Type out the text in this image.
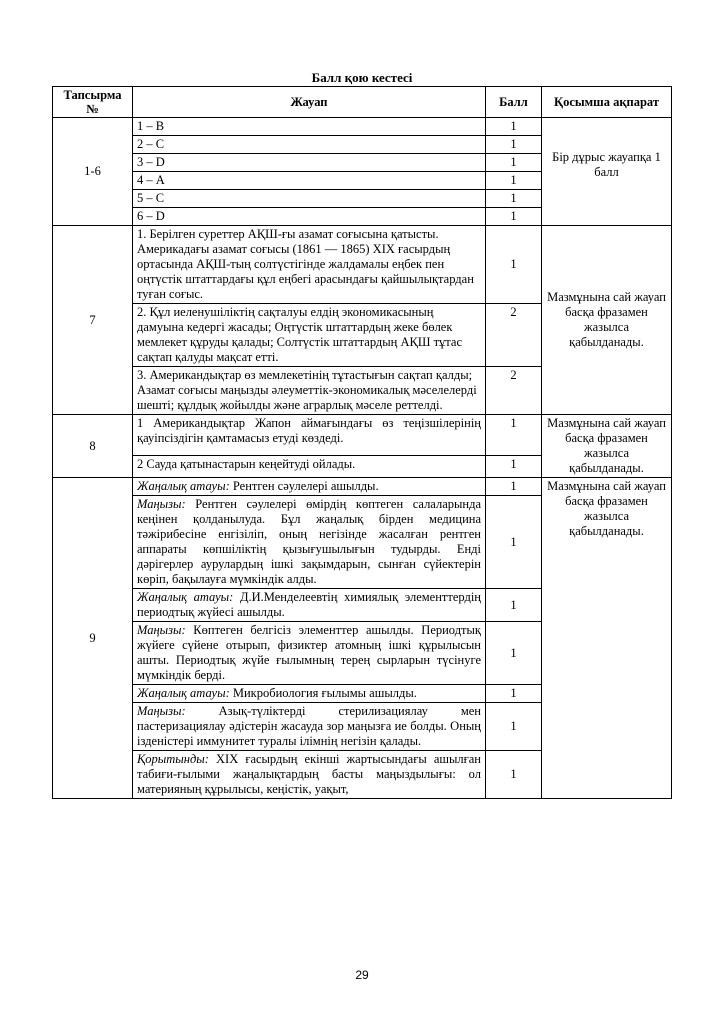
Балл қою кестесі
Тапсырма №	Жауап	Балл	Қосымша ақпарат
1-6	1 – В	1	Бір дұрыс жауапқа 1 балл
	2 – С	1	
	3 – D	1	
	4 – А	1	
	5 – С	1	
	6 – D	1	
7	1. Берілген суреттер АҚШ-ғы азамат соғысына қатысты. Америкадағы азамат соғысы (1861 — 1865) XIX ғасырдың ортасында АҚШ-тың солтүстігінде жалдамалы еңбек пен оңтүстік штаттардағы құл еңбегі арасындағы қайшылықтардан туған соғыс.	1	Мазмұнына сай жауап басқа фразамен жазылса қабылданады.
	2. Құл иеленушіліктің сақталуы елдің экономикасының дамуына кедергі жасады; Оңтүстік штаттардың жеке бөлек мемлекет құруды қалады; Солтүстік штаттардың АҚШ тұтас сақтап қалуды мақсат етті.	2	
	3. Американдықтар өз мемлекетінің тұтастығын сақтап қалды; Азамат соғысы маңызды әлеуметтік-экономикалық мәселелерді шешті; құлдық жойылды және аграрлық мәселе реттелді.	2	
8	1 Американдықтар Жапон аймағындағы өз теңізшілерінің қауіпсіздігін қамтамасыз етуді көздеді.	1	Мазмұнына сай жауап басқа фразамен жазылса қабылданады.
	2 Сауда қатынастарын кеңейтуді ойлады.	1	
9	Жаңалық атауы: Рентген сәулелері ашылды.	1	Мазмұнына сай жауап басқа фразамен жазылса қабылданады.
	Маңызы: Рентген сәулелері өмірдің көптеген салаларында кеңінен қолданылуда. Бұл жаңалық бірден медицина тәжірибесіне енгізіліп, оның негізінде жасалған рентген аппараты көпшіліктің қызығушылығын тудырды. Енді дәрігерлер аурулардың ішкі зақымдарын, сынған сүйектерін көріп, бақылауға мүмкіндік алды.	1	
	Жаңалық атауы: Д.И.Менделеевтің химиялық элементтердің периодтық жүйесі ашылды.	1	
	Маңызы: Көптеген белгісіз элементтер ашылды. Периодтық жүйеге сүйене отырып, физиктер атомның ішкі құрылысын ашты. Периодтық жүйе ғылымның терең сырларын түсінуге мүмкіндік берді.	1	
	Жаңалық атауы: Микробиология ғылымы ашылды.	1	
	Маңызы: Азық-түліктерді стерилизациялау мен пастеризациялау әдістерін жасауда зор маңызға ие болды. Оның ізденістері иммунитет туралы ілімнің негізін қалады.	1	
	Қорытынды: XIX ғасырдың екінші жартысындағы ашылған табиғи-ғылыми жаңалықтардың басты маңыздылығы: ол материяның құрылысы, кеңістік, уақыт,	1	
29
